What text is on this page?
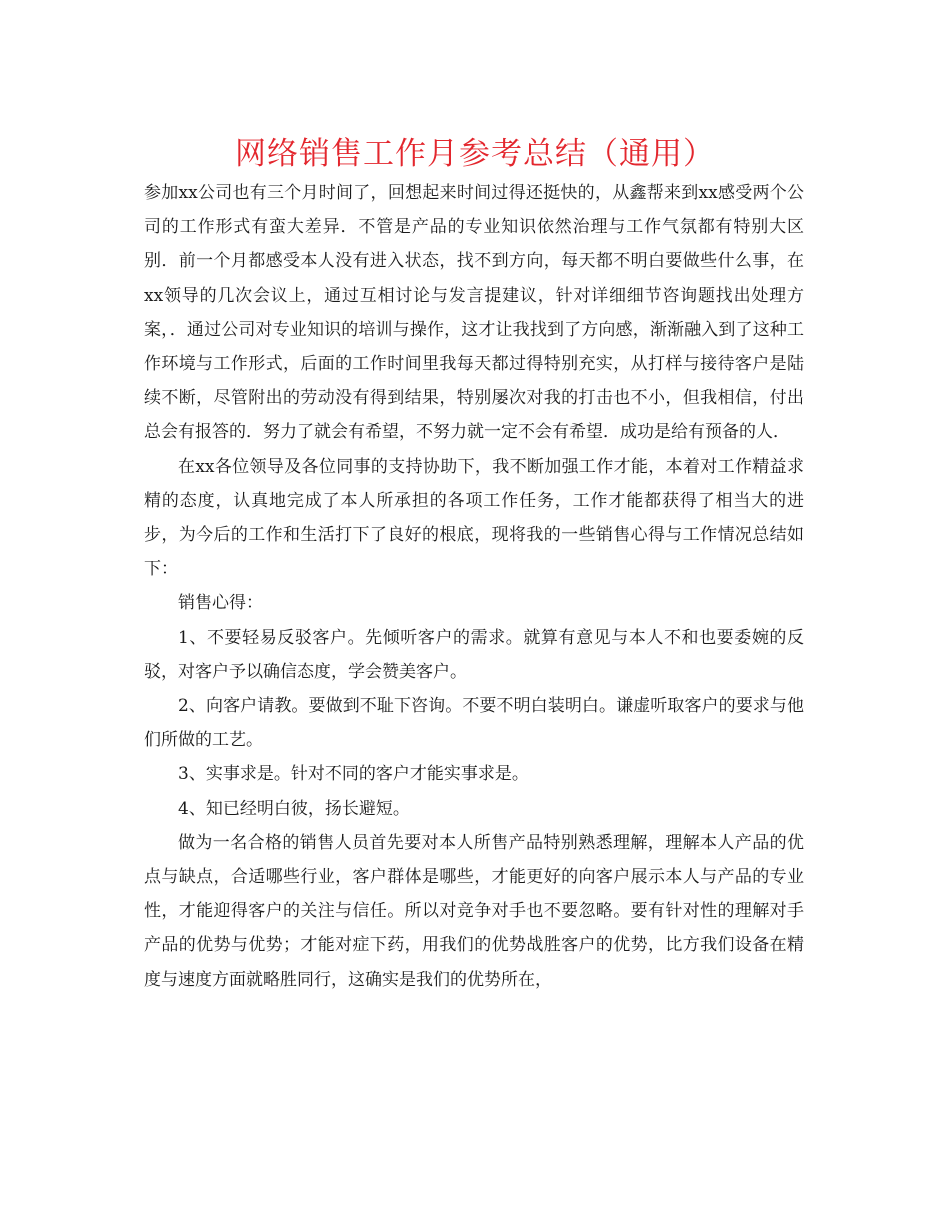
网络销售工作月参考总结（通用）

参加xx公司也有三个月时间了，回想起来时间过得还挺快的，从鑫帮来到xx感受两个公司的工作形式有蛮大差异．不管是产品的专业知识依然治理与工作气氛都有特别大区别．前一个月都感受本人没有进入状态，找不到方向，每天都不明白要做些什么事，在xx领导的几次会议上，通过互相讨论与发言提建议，针对详细细节咨询题找出处理方案，．通过公司对专业知识的培训与操作，这才让我找到了方向感，渐渐融入到了这种工作环境与工作形式，后面的工作时间里我每天都过得特别充实，从打样与接待客户是陆续不断，尽管附出的劳动没有得到结果，特别屡次对我的打击也不小，但我相信，付出总会有报答的．努力了就会有希望，不努力就一定不会有希望．成功是给有预备的人．

在xx各位领导及各位同事的支持协助下，我不断加强工作才能，本着对工作精益求精的态度，认真地完成了本人所承担的各项工作任务，工作才能都获得了相当大的进步，为今后的工作和生活打下了良好的根底，现将我的一些销售心得与工作情况总结如下：

销售心得：

1、不要轻易反驳客户。先倾听客户的需求。就算有意见与本人不和也要委婉的反驳，对客户予以确信态度，学会赞美客户。

2、向客户请教。要做到不耻下咨询。不要不明白装明白。谦虚听取客户的要求与他们所做的工艺。

3、实事求是。针对不同的客户才能实事求是。

4、知已经明白彼，扬长避短。

做为一名合格的销售人员首先要对本人所售产品特别熟悉理解，理解本人产品的优点与缺点，合适哪些行业，客户群体是哪些，才能更好的向客户展示本人与产品的专业性，才能迎得客户的关注与信任。所以对竞争对手也不要忽略。要有针对性的理解对手产品的优势与优势；才能对症下药，用我们的优势战胜客户的优势，比方我们设备在精度与速度方面就略胜同行，这确实是我们的优势所在，
